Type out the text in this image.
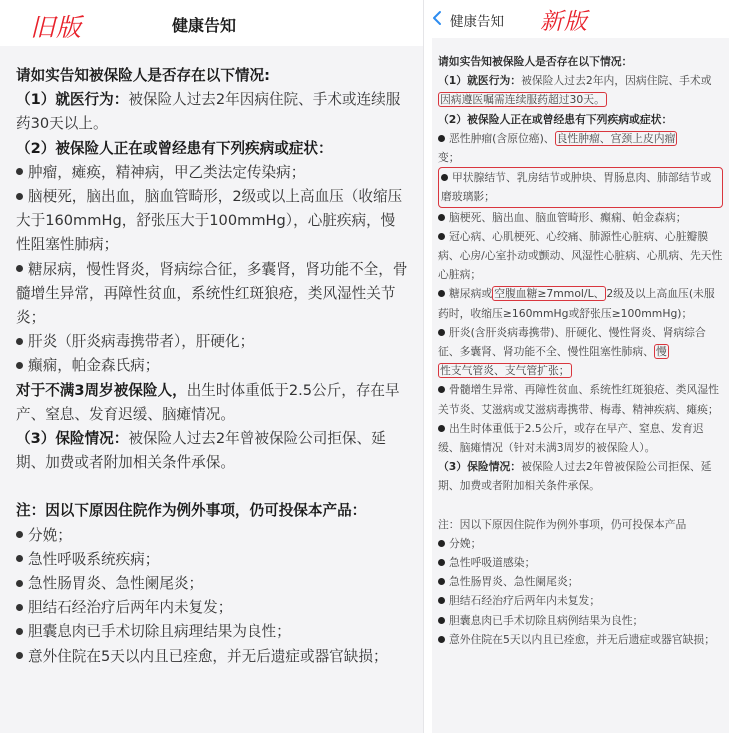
旧版	健康告知

请如实告知被保险人是否存在以下情况:

（1）就医行为：被保险人过去2年因病住院、手术或连续服药30天以上。

（2）被保险人正在或曾经患有下列疾病或症状：

肿瘤，瘫痪，精神病，甲乙类法定传染病；

脑梗死，脑出血，脑血管畸形，2级或以上高血压（收缩压大于160mmHg，舒张压大于100mmHg），心脏疾病，慢性阻塞性肺病；

糖尿病，慢性肾炎，肾病综合征，多囊肾，肾功能不全，骨髓增生异常，再障性贫血，系统性红斑狼疮，类风湿性关节炎；

肝炎（肝炎病毒携带者），肝硬化；

癫痫，帕金森氏病；

对于不满3周岁被保险人，出生时体重低于2.5公斤，存在早产、窒息、发育迟缓、脑瘫情况。

（3）保险情况：被保险人过去2年曾被保险公司拒保、延期、加费或者附加相关条件承保。

注：因以下原因住院作为例外事项，仍可投保本产品：

分娩；

急性呼吸系统疾病；

急性肠胃炎、急性阑尾炎；

胆结石经治疗后两年内未复发；

胆囊息肉已手术切除且病理结果为良性；

意外住院在5天以内且已痊愈，并无后遗症或器官缺损；

健康告知 新版

请如实告知被保险人是否存在以下情况：

（1）就医行为：被保险人过去2年内，因病住院、手术或因病遵医嘱需连续服药超过30天。

（2）被保险人正在或曾经患有下列疾病或症状：

恶性肿瘤(含原位癌)、 良性肿瘤、宫颈上皮内瘤
变；

甲状腺结节、乳房结节或肿块、胃肠息肉、肺部结节或磨玻璃影；

脑梗死、脑出血、脑血管畸形、癫痫、帕金森病；

冠心病、心肌梗死、心绞痛、肺源性心脏病、心脏瓣膜病、心房/心室扑动或颤动、风湿性心脏病、心肌病、先天性心脏病；

糖尿病或 空腹血糖≥7mmol/L、 2级及以上高血压(未服药时，收缩压≥160mmHg或舒张压≥100mmHg)；

肝炎(含肝炎病毒携带)、肝硬化、慢性肾炎、肾病综合征、多囊肾、肾功能不全、慢性阻塞性肺病、 慢
性支气管炎、支气管扩张；

骨髓增生异常、再障性贫血、系统性红斑狼疮、类风湿性关节炎、艾滋病或艾滋病毒携带、梅毒、精神疾病、瘫痪；

出生时体重低于2.5公斤，或存在早产、窒息、发育迟缓、脑瘫情况（针对未满3周岁的被保险人）。

（3）保险情况：被保险人过去2年曾被保险公司拒保、延期、加费或者附加相关条件承保。

注：因以下原因住院作为例外事项，仍可投保本产品

分娩；

急性呼吸道感染；

急性肠胃炎、急性阑尾炎；

胆结石经治疗后两年内未复发；

胆囊息肉已手术切除且病例结果为良性；

意外住院在5天以内且已痊愈，并无后遗症或器官缺损；
